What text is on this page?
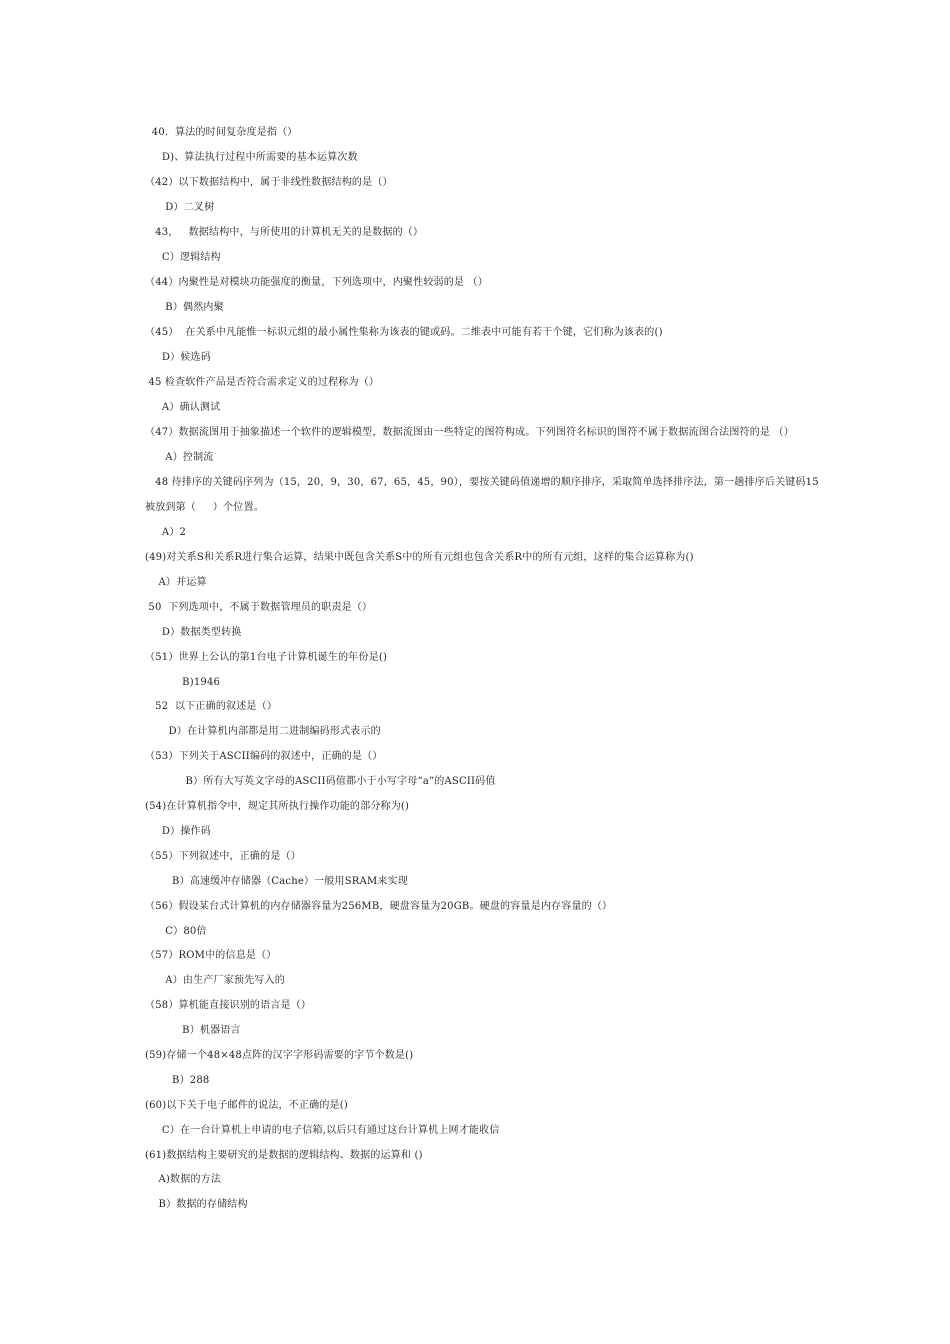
40．算法的时间复杂度是指（）
D)、算法执行过程中所需要的基本运算次数
（42）以下数据结构中，属于非线性数据结构的是（）
D）二叉树
43，   数据结构中，与所使用的计算机无关的是数据的（）
C）逻辑结构
（44）内聚性是对模块功能强度的衡量，下列选项中，内聚性较弱的是 （）
B）偶然内聚
（45）  在关系中凡能惟一标识元组的最小属性集称为该表的键或码。二维表中可能有若干个键，它们称为该表的()
D）候选码
45 检查软件产品是否符合需求定义的过程称为（）
A）确认测试
（47）数据流图用于抽象描述一个软件的逻辑模型，数据流图由一些特定的图符构成。下列图符名标识的图符不属于数据流图合法图符的是 （）
A）控制流
48 待排序的关键码序列为（15，20，9，30，67，65，45，90），要按关键码值递增的顺序排序，采取简单选择排序法，第一趟排序后关键码15
被放到第（     ）个位置。
A）2
(49)对关系S和关系R进行集合运算，结果中既包含关系S中的所有元组也包含关系R中的所有元组，这样的集合运算称为()
A）并运算
50  下列选项中，不属于数据管理员的职责是（）
D）数据类型转换
（51）世界上公认的第1台电子计算机诞生的年份是()
B)1946
52  以下正确的叙述是（）
D）在计算机内部都是用二进制编码形式表示的
（53）下列关于ASCII编码的叙述中，正确的是（）
B）所有大写英文字母的ASCII码值都小于小写字母“a”的ASCII码值
(54)在计算机指令中，规定其所执行操作功能的部分称为()
D）操作码
（55）下列叙述中，正确的是（）
B）高速缓冲存储器（Cache）一般用SRAM来实现
（56）假设某台式计算机的内存储器容量为256MB，硬盘容量为20GB。硬盘的容量是内存容量的（）
C）80倍
（57）ROM中的信息是（）
A）由生产厂家预先写入的
（58）算机能直接识别的语言是（）
B）机器语言
(59)存储一个48×48点阵的汉字字形码需要的字节个数是()
B）288
(60)以下关于电子邮件的说法，不正确的是()
C）在一台计算机上申请的电子信箱,以后只有通过这台计算机上网才能收信
(61)数据结构主要研究的是数据的逻辑结构、数据的运算和 ()
A)数据的方法
B）数据的存储结构
